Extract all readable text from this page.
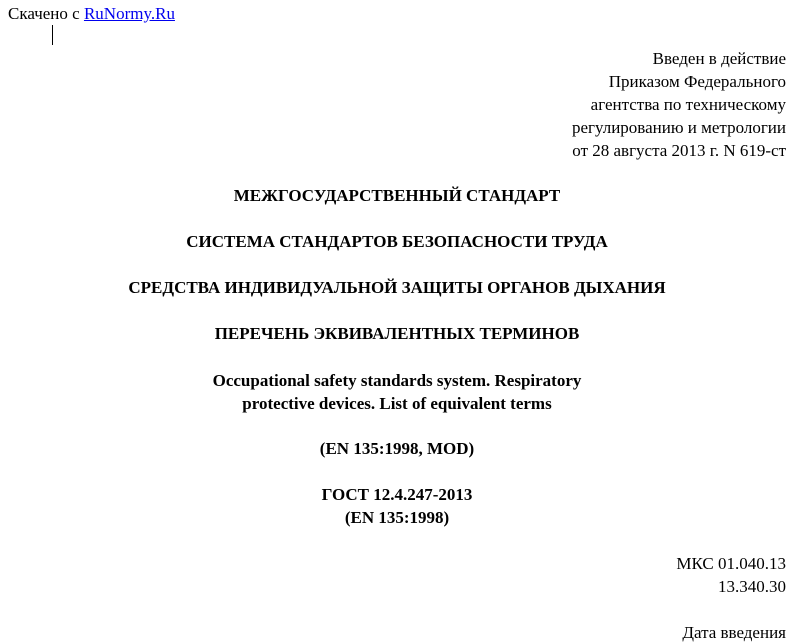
Скачено с RuNormy.Ru
Введен в действие
Приказом Федерального
агентства по техническому
регулированию и метрологии
от 28 августа 2013 г. N 619-ст
МЕЖГОСУДАРСТВЕННЫЙ СТАНДАРТ
СИСТЕМА СТАНДАРТОВ БЕЗОПАСНОСТИ ТРУДА
СРЕДСТВА ИНДИВИДУАЛЬНОЙ ЗАЩИТЫ ОРГАНОВ ДЫХАНИЯ
ПЕРЕЧЕНЬ ЭКВИВАЛЕНТНЫХ ТЕРМИНОВ
Occupational safety standards system. Respiratory
protective devices. List of equivalent terms
(EN 135:1998, MOD)
ГОСТ 12.4.247-2013
(EN 135:1998)
МКС 01.040.13
13.340.30
Дата введения
